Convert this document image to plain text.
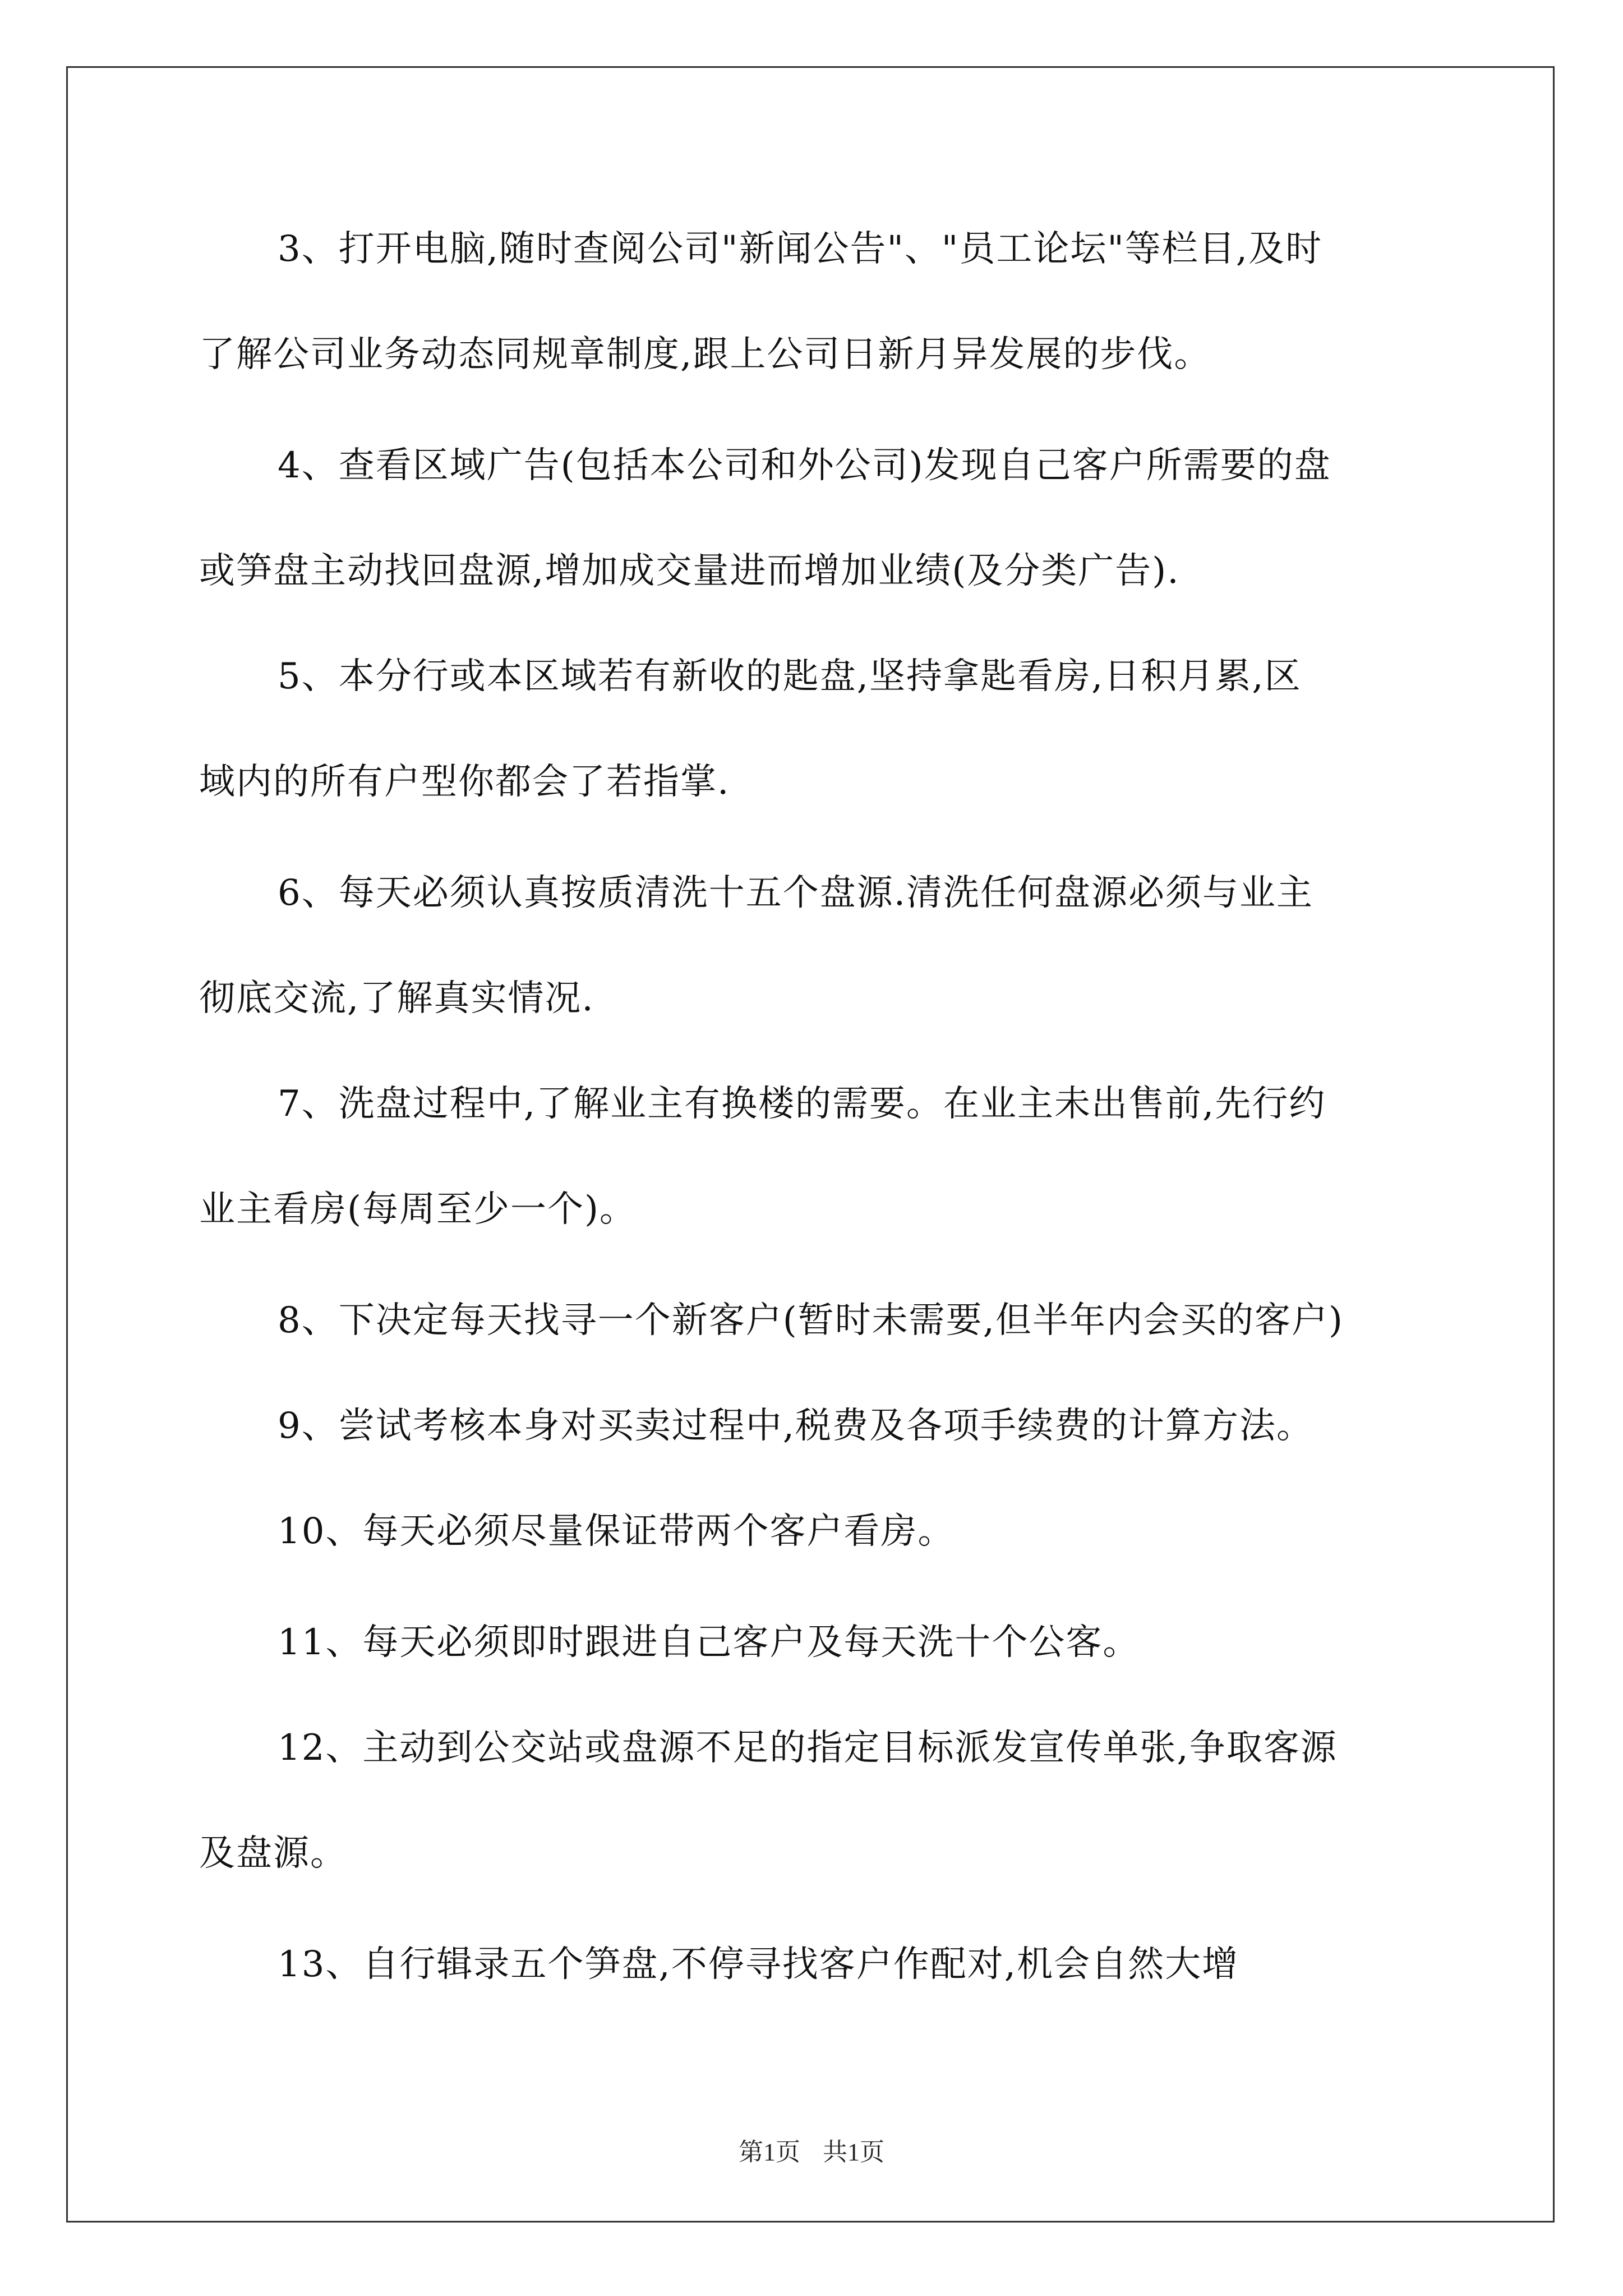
3、打开电脑,随时查阅公司"新闻公告"、"员工论坛"等栏目,及时
了解公司业务动态同规章制度,跟上公司日新月异发展的步伐。
4、查看区域广告(包括本公司和外公司)发现自己客户所需要的盘
或笋盘主动找回盘源,增加成交量进而增加业绩(及分类广告).
5、本分行或本区域若有新收的匙盘,坚持拿匙看房,日积月累,区
域内的所有户型你都会了若指掌.
6、每天必须认真按质清洗十五个盘源.清洗任何盘源必须与业主
彻底交流,了解真实情况.
7、洗盘过程中,了解业主有换楼的需要。在业主未出售前,先行约
业主看房(每周至少一个)。
8、下决定每天找寻一个新客户(暂时未需要,但半年内会买的客户)
9、尝试考核本身对买卖过程中,税费及各项手续费的计算方法。
10、每天必须尽量保证带两个客户看房。
11、每天必须即时跟进自己客户及每天洗十个公客。
12、主动到公交站或盘源不足的指定目标派发宣传单张,争取客源
及盘源。
13、自行辑录五个笋盘,不停寻找客户作配对,机会自然大增
第1页 共1页
